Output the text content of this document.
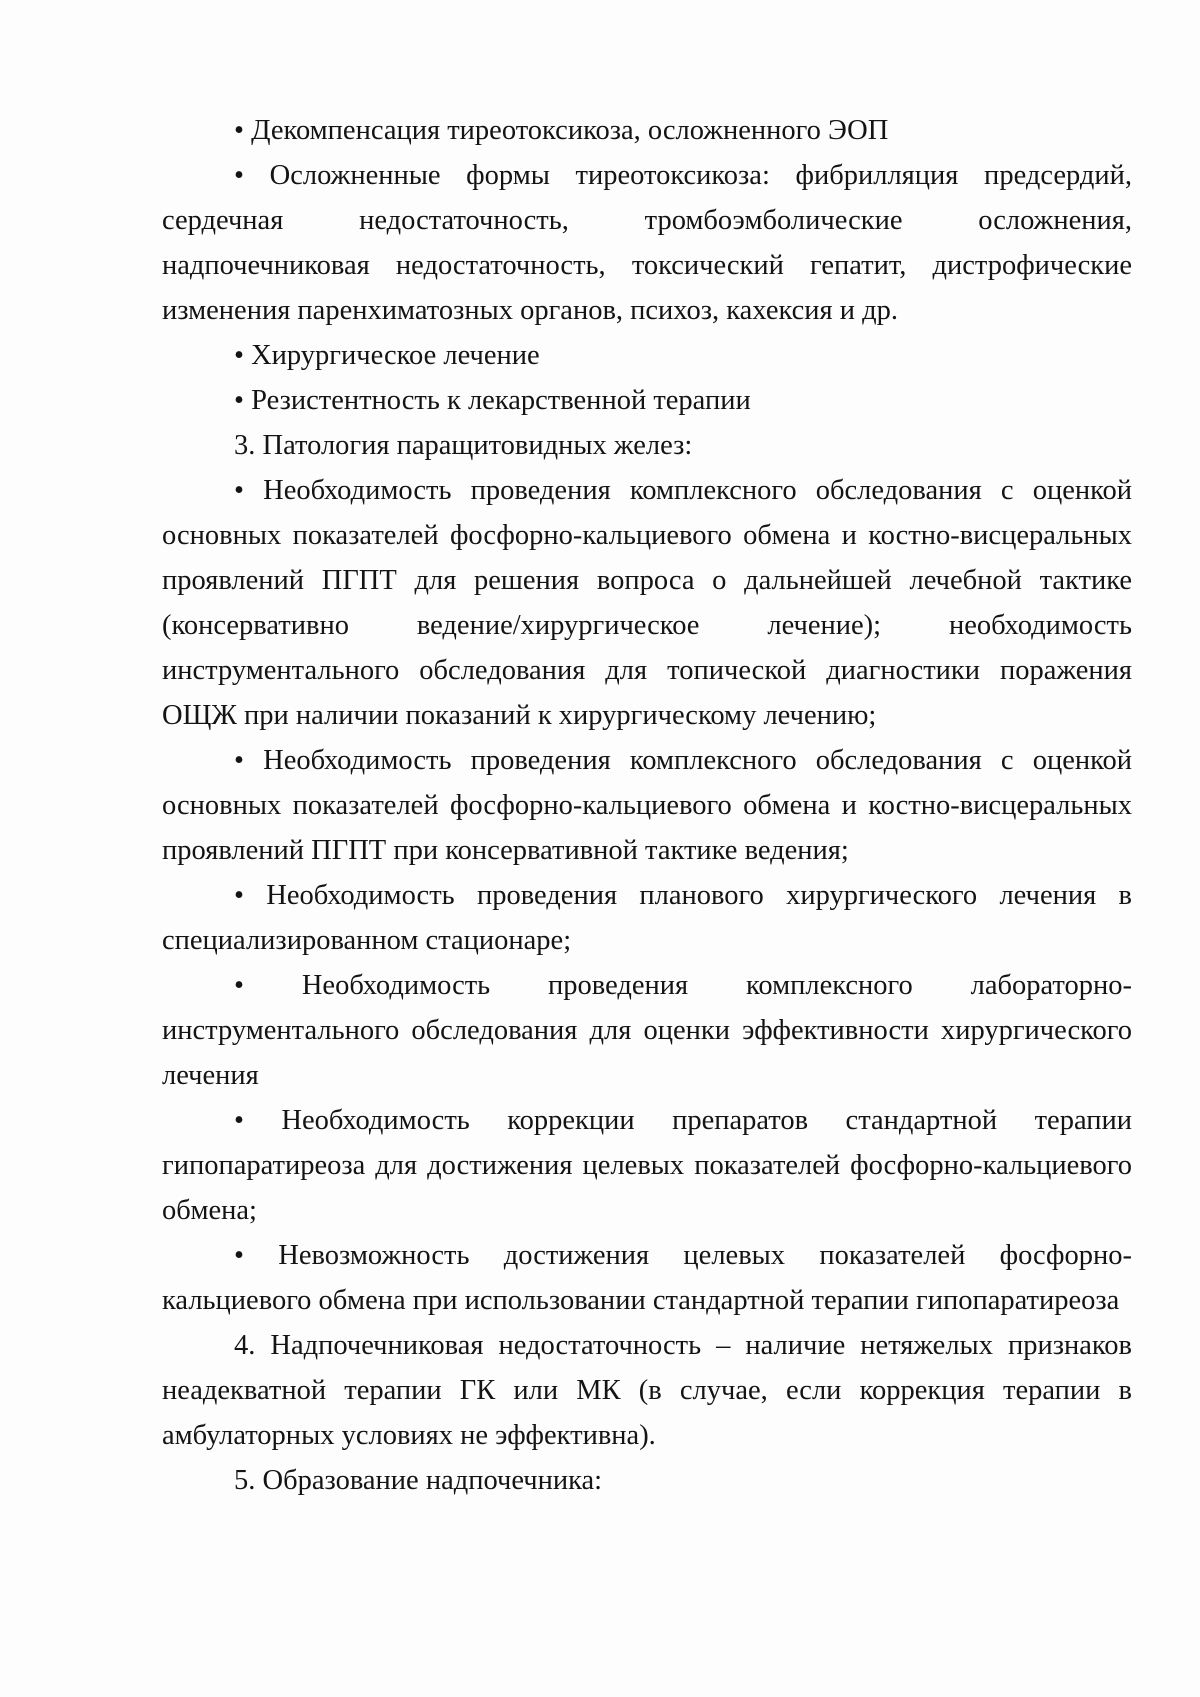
• Декомпенсация тиреотоксикоза, осложненного ЭОП

• Осложненные формы тиреотоксикоза: фибрилляция предсердий, сердечная недостаточность, тромбоэмболические осложнения, надпочечниковая недостаточность, токсический гепатит, дистрофические изменения паренхиматозных органов, психоз, кахексия и др.

• Хирургическое лечение

• Резистентность к лекарственной терапии

3. Патология паращитовидных желез:

• Необходимость проведения комплексного обследования с оценкой основных показателей фосфорно-кальциевого обмена и костно-висцеральных проявлений ПГПТ для решения вопроса о дальнейшей лечебной тактике (консервативно ведение/хирургическое лечение); необходимость инструментального обследования для топической диагностики поражения ОЩЖ при наличии показаний к хирургическому лечению;

• Необходимость проведения комплексного обследования с оценкой основных показателей фосфорно-кальциевого обмена и костно-висцеральных проявлений ПГПТ при консервативной тактике ведения;

• Необходимость проведения планового хирургического лечения в специализированном стационаре;

• Необходимость проведения комплексного лабораторно-инструментального обследования для оценки эффективности хирургического лечения

• Необходимость коррекции препаратов стандартной терапии гипопаратиреоза для достижения целевых показателей фосфорно-кальциевого обмена;

• Невозможность достижения целевых показателей фосфорно-кальциевого обмена при использовании стандартной терапии гипопаратиреоза

4. Надпочечниковая недостаточность – наличие нетяжелых признаков неадекватной терапии ГК или МК (в случае, если коррекция терапии в амбулаторных условиях не эффективна).

5. Образование надпочечника:
